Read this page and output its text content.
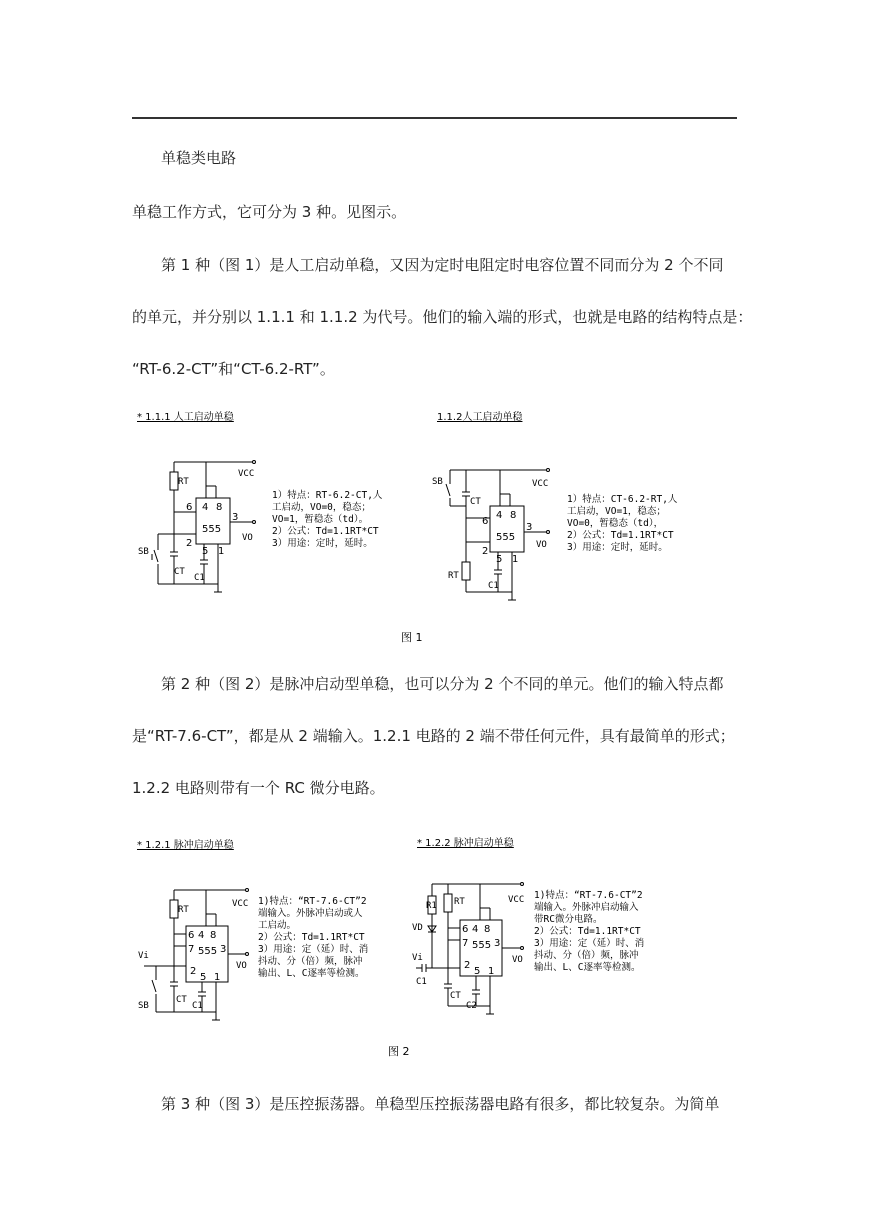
单稳类电路
单稳工作方式，它可分为 3 种。见图示。
第 1 种（图 1）是人工启动单稳，又因为定时电阻定时电容位置不同而分为 2 个不同
的单元，并分别以 1.1.1 和 1.1.2 为代号。他们的输入端的形式，也就是电路的结构特点是：
“RT-6.2-CT”和“CT-6.2-RT”。
* 1.1.1 人工启动单稳	1.1.2人工启动单稳
RT
VCC
VO
4 8
6
2
5 1
3
555
SB
CT
C1
1）特点：RT-6.2-CT,人
工启动，VO=0，稳态；
VO=1，暂稳态（td）。
2）公式：Td=1.1RT*CT
3）用途：定时，延时。
SB
CT
VCC
VO
4 8
6
2
5 1
3
555
RT
C1
1）特点：CT-6.2-RT,人
工启动，VO=1，稳态；
VO=0，暂稳态（td），
2）公式：Td=1.1RT*CT
3）用途：定时，延时。
图 1
第 2 种（图 2）是脉冲启动型单稳，也可以分为 2 个不同的单元。他们的输入特点都
是“RT-7.6-CT”，都是从 2 端输入。1.2.1 电路的 2 端不带任何元件，具有最简单的形式；
1.2.2 电路则带有一个 RC 微分电路。
* 1.2.1 脉冲启动单稳	* 1.2.2 脉冲启动单稳
RT
VCC
VO
Vi
6 4 8
7
2
5 1
3
555
SB
CT
C1
1)特点：“RT-7.6-CT”2
端输入。外脉冲启动或人
工启动。
2）公式：Td=1.1RT*CT
3）用途：定（延）时、消
抖动、分（倍）频，脉冲
输出、L、C逐率等检测。
R1 RT	VCC
VO
VD
Vi
C1
CT
C2
6 4 8
7
2
5 1
3
555
1)特点：“RT-7.6-CT”2
端输入。外脉冲启动输入
带RC微分电路。
2）公式：Td=1.1RT*CT
3）用途：定（延）时、消
抖动、分（倍）频，脉冲
输出、L、C逐率等检测。
图 2
第 3 种（图 3）是压控振荡器。单稳型压控振荡器电路有很多，都比较复杂。为简单
